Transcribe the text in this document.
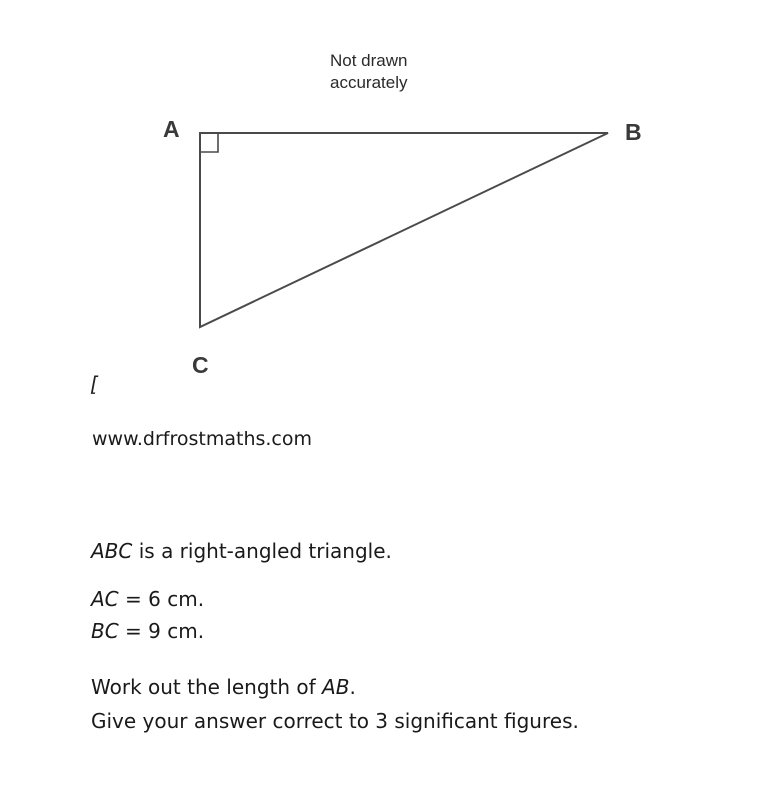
Not drawn
accurately
A	B
C
[
www.drfrostmaths.com

ABC is a right-angled triangle.

AC = 6 cm.

BC = 9 cm.

Work out the length of AB.

Give your answer correct to 3 significant figures.
